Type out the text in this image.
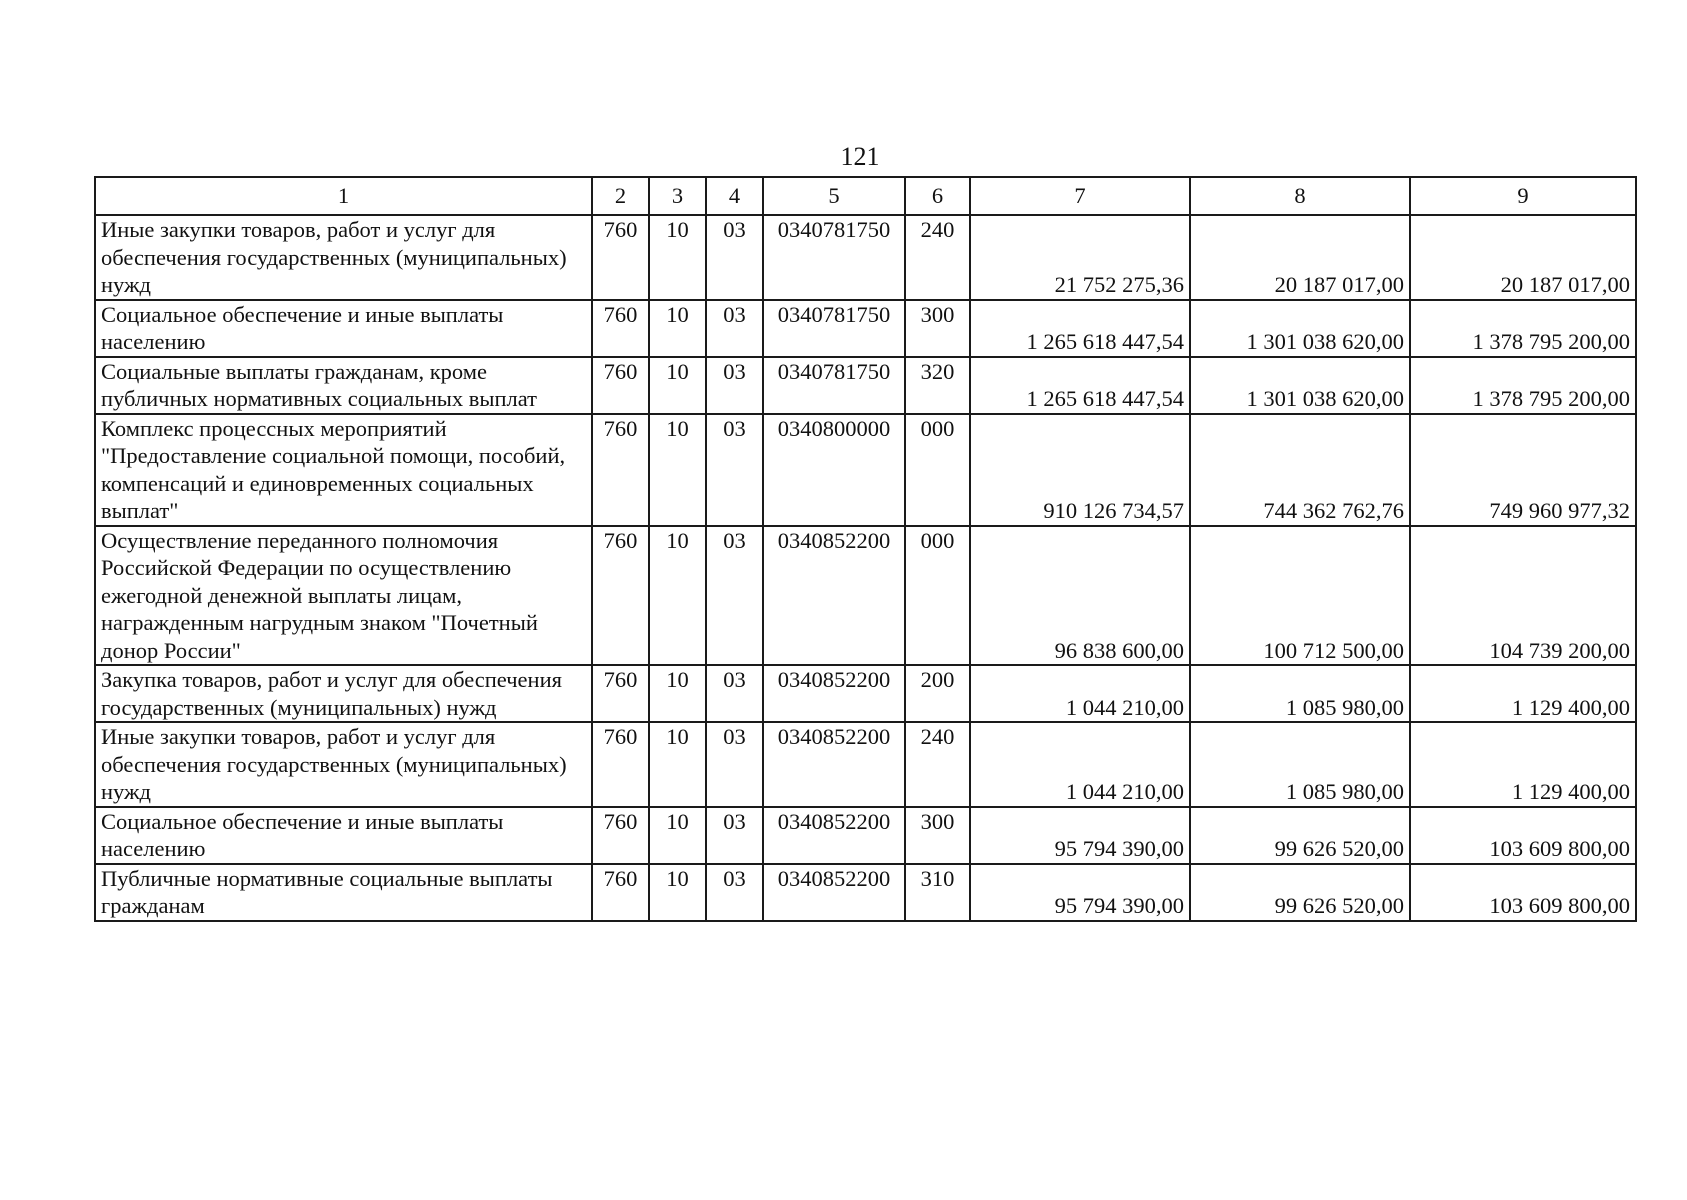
121
1	2	3	4	5	6	7	8	9
Иные закупки товаров, работ и услуг для обеспечения государственных (муниципальных) нужд	760	10	03	0340781750	240	21 752 275,36	20 187 017,00	20 187 017,00
Социальное обеспечение и иные выплаты населению	760	10	03	0340781750	300	1 265 618 447,54	1 301 038 620,00	1 378 795 200,00
Социальные выплаты гражданам, кроме публичных нормативных социальных выплат	760	10	03	0340781750	320	1 265 618 447,54	1 301 038 620,00	1 378 795 200,00
Комплекс процессных мероприятий "Предоставление социальной помощи, пособий, компенсаций и единовременных социальных выплат"	760	10	03	0340800000	000	910 126 734,57	744 362 762,76	749 960 977,32
Осуществление переданного полномочия Российской Федерации по осуществлению ежегодной денежной выплаты лицам, награжденным нагрудным знаком "Почетный донор России"	760	10	03	0340852200	000	96 838 600,00	100 712 500,00	104 739 200,00
Закупка товаров, работ и услуг для обеспечения государственных (муниципальных) нужд	760	10	03	0340852200	200	1 044 210,00	1 085 980,00	1 129 400,00
Иные закупки товаров, работ и услуг для обеспечения государственных (муниципальных) нужд	760	10	03	0340852200	240	1 044 210,00	1 085 980,00	1 129 400,00
Социальное обеспечение и иные выплаты населению	760	10	03	0340852200	300	95 794 390,00	99 626 520,00	103 609 800,00
Публичные нормативные социальные выплаты гражданам	760	10	03	0340852200	310	95 794 390,00	99 626 520,00	103 609 800,00
